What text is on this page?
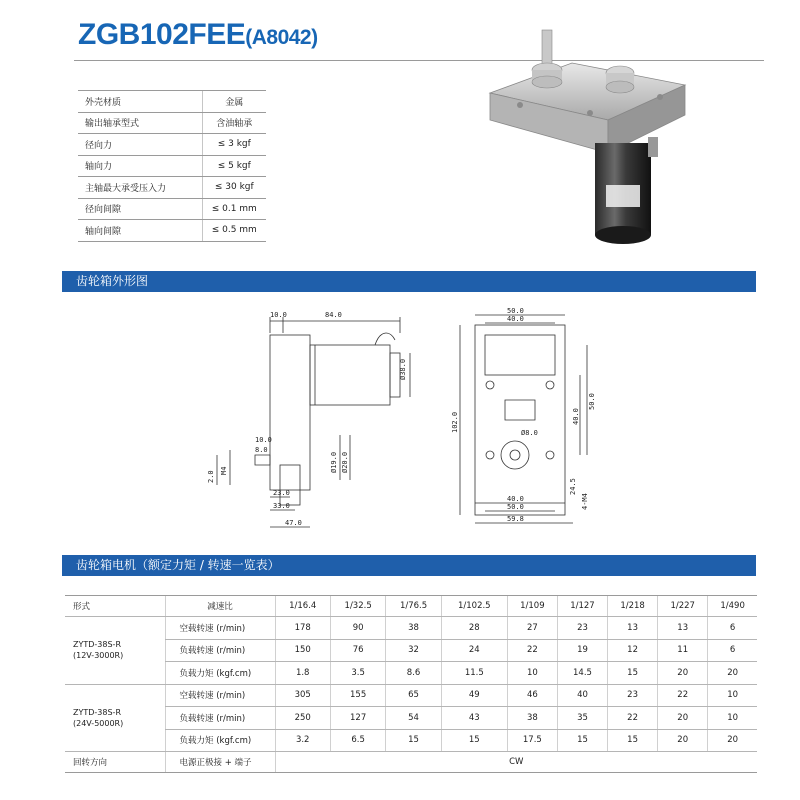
ZGB102FEE(A8042)
外壳材质	金属
输出轴承型式	含油轴承
径向力	≤ 3 kgf
轴向力	≤ 5 kgf
主轴最大承受压入力	≤ 30 kgf
径向间隙	≤ 0.1 mm
轴向间隙	≤ 0.5 mm
齿轮箱外形图
10.0	84.0
Ø38.0
10.0
8.0
Ø19.0 Ø20.0
2.0 M4
23.0
33.0
47.0
50.0
40.0
102.0	Ø8.0
40.0
50.0
24.5
4-M4
40.0
50.0
59.8
齿轮箱电机（额定力矩 / 转速一览表）
形式	减速比	1/16.4	1/32.5	1/76.5	1/102.5	1/109	1/127	1/218	1/227	1/490

ZYTD-38S-R
(12V-3000R)	空载转速 (r/min)	178	90	38	28	27	23	13	13	6
	负载转速 (r/min)	150	76	32	24	22	19	12	11	6
	负载力矩 (kgf.cm)	1.8	3.5	8.6	11.5	10	14.5	15	20	20

ZYTD-38S-R
(24V-5000R)	空载转速 (r/min)	305	155	65	49	46	40	23	22	10
	负载转速 (r/min)	250	127	54	43	38	35	22	20	10
	负载力矩 (kgf.cm)	3.2	6.5	15	15	17.5	15	15	20	20
回转方向	电源正极接 + 端子	CW								
